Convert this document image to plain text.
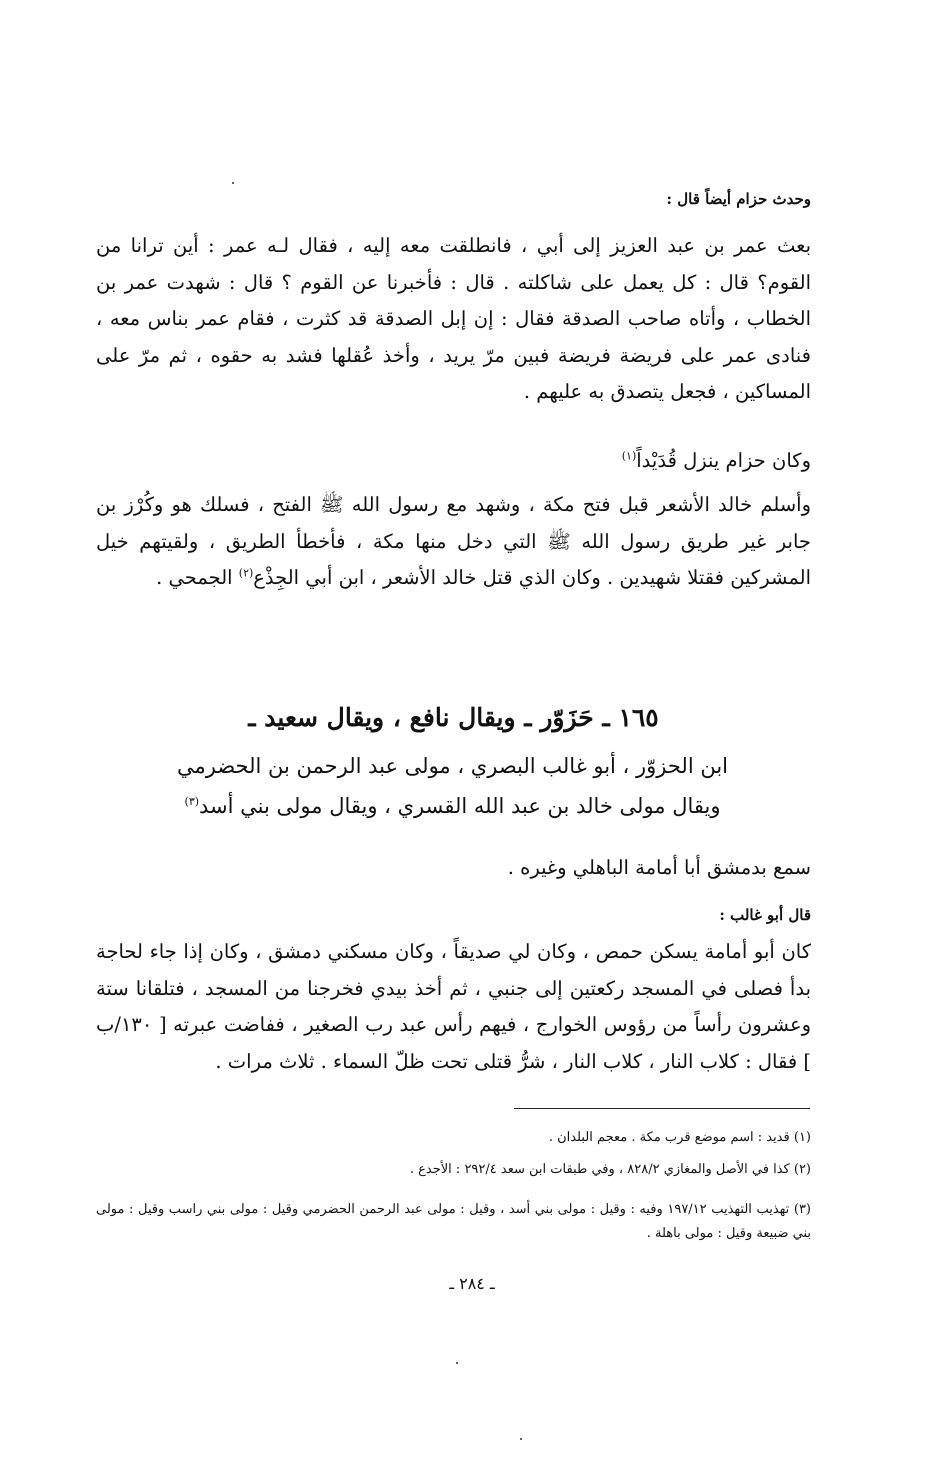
وحدث حزام أيضاً قال :

بعث عمر بن عبد العزيز إلى أبي ، فانطلقت معه إليه ، فقال لـه عمر : أين ترانا من القوم؟ قال : كل يعمل على شاكلته . قال : فأخبرنا عن القوم ؟ قال : شهدت عمر بن الخطاب ، وأتاه صاحب الصدقة فقال : إن إبل الصدقة قد كثرت ، فقام عمر بناس معه ، فنادى عمر على فريضة فريضة فبين مرّ يريد ، وأخذ عُقلها فشد به حقوه ، ثم مرّ على المساكين ، فجعل يتصدق به عليهم .

وكان حزام ينزل قُدَيْداً$^{(١)}$

وأسلم خالد الأشعر قبل فتح مكة ، وشهد مع رسول الله ﷺ الفتح ، فسلك هو وكُرْز بن جابر غير طريق رسول الله ﷺ التي دخل منها مكة ، فأخطأ الطريق ، ولقيتهم خيل المشركين فقتلا شهيدين . وكان الذي قتل خالد الأشعر ، ابن أبي الجِذْع$^{(٢)}$ الجمحي .

١٦٥ ـ حَزَوّر ـ ويقال نافع ، ويقال سعيد ـ
ابن الحزوّر ، أبو غالب البصري ، مولى عبد الرحمن بن الحضرمي
ويقال مولى خالد بن عبد الله القسري ، ويقال مولى بني أسد$^{(٣)}$

سمع بدمشق أبا أمامة الباهلي وغيره .

قال أبو غالب :

كان أبو أمامة يسكن حمص ، وكان لي صديقاً ، وكان مسكني دمشق ، وكان إذا جاء لحاجة بدأ فصلى في المسجد ركعتين إلى جنبي ، ثم أخذ بيدي فخرجنا من المسجد ، فتلقانا ستة وعشرون رأساً من رؤوس الخوارج ، فيهم رأس عبد رب الصغير ، ففاضت عبرته [ ١٣٠/ب ] فقال : كلاب النار ، كلاب النار ، شرُّ قتلى تحت ظلّ السماء . ثلاث مرات .

(١) قديد : اسم موضع قرب مكة . معجم البلدان .
(٢) كذا في الأصل والمغازي ٨٢٨/٢ ، وفي طبقات ابن سعد ٢٩٢/٤ : الأجدع .
(٣) تهذيب التهذيب ١٩٧/١٢ وفيه : وقيل : مولى بني أسد ، وقيل : مولى عبد الرحمن الحضرمي وقيل : مولى بني راسب وقيل : مولى بني ضبيعة وقيل : مولى باهلة .
ـ ٢٨٤ ـ
